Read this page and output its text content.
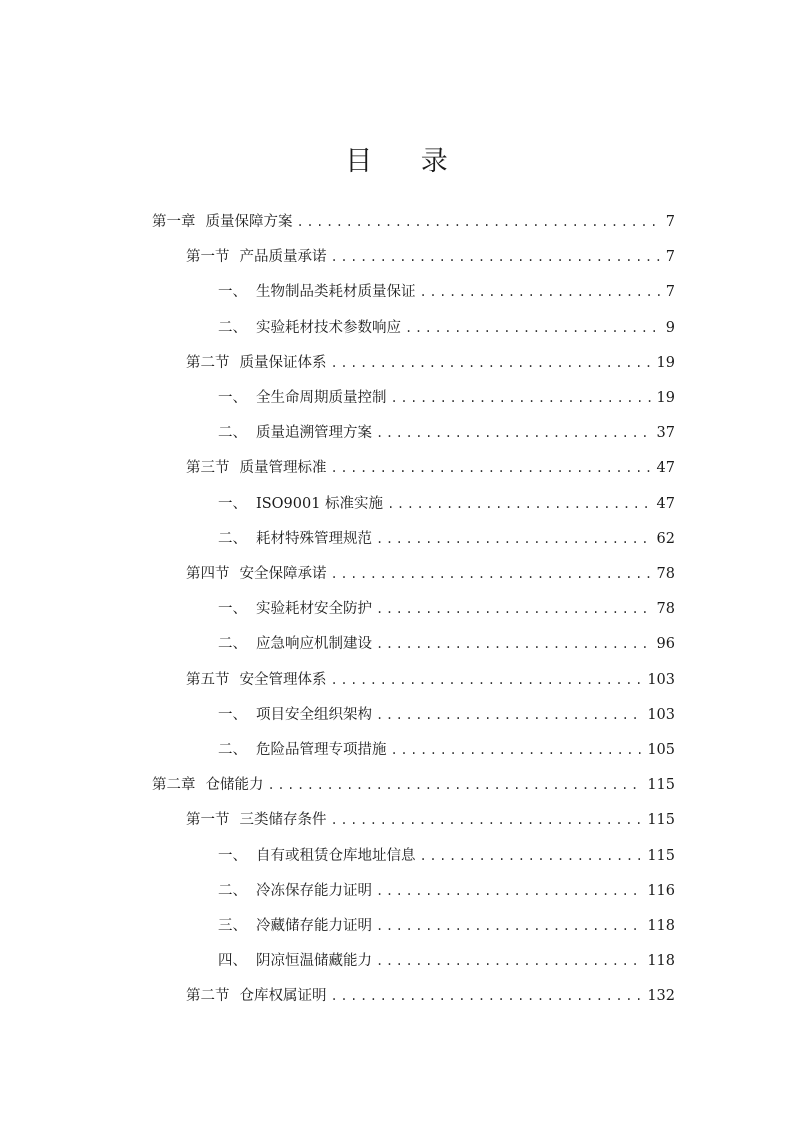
目 录
第一章 质量保障方案 .....	7
第一节 产品质量承诺 .....	7
一、 生物制品类耗材质量保证 .....	7
二、 实验耗材技术参数响应 .....	9
第二节 质量保证体系 .....	19
一、 全生命周期质量控制 .....	19
二、 质量追溯管理方案 .....	37
第三节 质量管理标准 .....	47
一、 ISO9001 标准实施 .....	47
二、 耗材特殊管理规范 .....	62
第四节 安全保障承诺 .....	78
一、 实验耗材安全防护 .....	78
二、 应急响应机制建设 .....	96
第五节 安全管理体系 .....	103
一、 项目安全组织架构 .....	103
二、 危险品管理专项措施 .....	105
第二章 仓储能力 .....	115
第一节 三类储存条件 .....	115
一、 自有或租赁仓库地址信息 .....	115
二、 冷冻保存能力证明 .....	116
三、 冷藏储存能力证明 .....	118
四、 阴凉恒温储藏能力 .....	118
第二节 仓库权属证明 .....	132
